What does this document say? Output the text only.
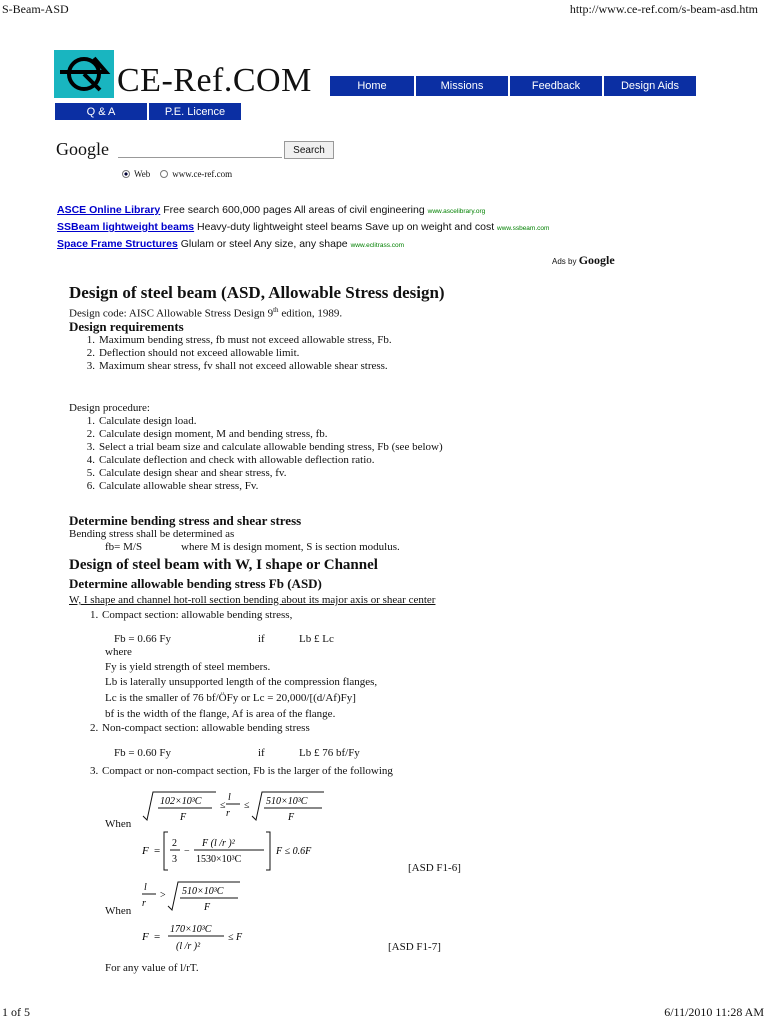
S-Beam-ASD	http://www.ce-ref.com/s-beam-asd.htm
CE-Ref.COM	Home	Missions	Feedback	Design Aids
Q & A	P.E. Licence
Google	Search
Web www.ce-ref.com
ASCE Online Library Free search 600,000 pages All areas of civil engineering www.ascelibrary.org
SSBeam lightweight beams Heavy-duty lightweight steel beams Save up on weight and cost www.ssbeam.com
Space Frame Structures Glulam or steel Any size, any shape www.eclitrass.com
Ads by Google
Design of steel beam (ASD, Allowable Stress design)
Design code: AISC Allowable Stress Design 9th edition, 1989.
Design requirements
1. Maximum bending stress, fb must not exceed allowable stress, Fb.
2. Deflection should not exceed allowable limit.
3. Maximum shear stress, fv shall not exceed allowable shear stress.
Design procedure:
1. Calculate design load.
2. Calculate design moment, M and bending stress, fb.
3. Select a trial beam size and calculate allowable bending stress, Fb (see below)
4. Calculate deflection and check with allowable deflection ratio.
5. Calculate design shear and shear stress, fv.
6. Calculate allowable shear stress, Fv.
Determine bending stress and shear stress
Bending stress shall be determined as
fb= M/S	where M is design moment, S is section modulus.
Design of steel beam with W, I shape or Channel
Determine allowable bending stress Fb (ASD)
W, I shape and channel hot-roll section bending about its major axis or shear center
1. Compact section: allowable bending stress,
Fb = 0.66 Fy	if	Lb £ Lc
where
Fy is yield strength of steel members.
Lb is laterally unsupported length of the compression flanges,
Lc is the smaller of 76 bf/ÖFy or Lc = 20,000/[(d/Af)Fy]
bf is the width of the flange, Af is area of the flange.
2. Non-compact section: allowable bending stress
Fb = 0.60 Fy	if	Lb £ 76 bf/Fy
3. Compact or non-compact section, Fb is the larger of the following
When
102×10³C
F
≤
l
r
≤ 510×10³C
F
F =
2
3
−
F (l /r )²
1530×10³C
F ≤ 0.6F
[ASD F1-6]
When
l
r
> 510×10³C
F
F =
170×10³C
(l /r )²
≤ F
[ASD F1-7]
For any value of l/rT.
1 of 5	6/11/2010 11:28 AM
